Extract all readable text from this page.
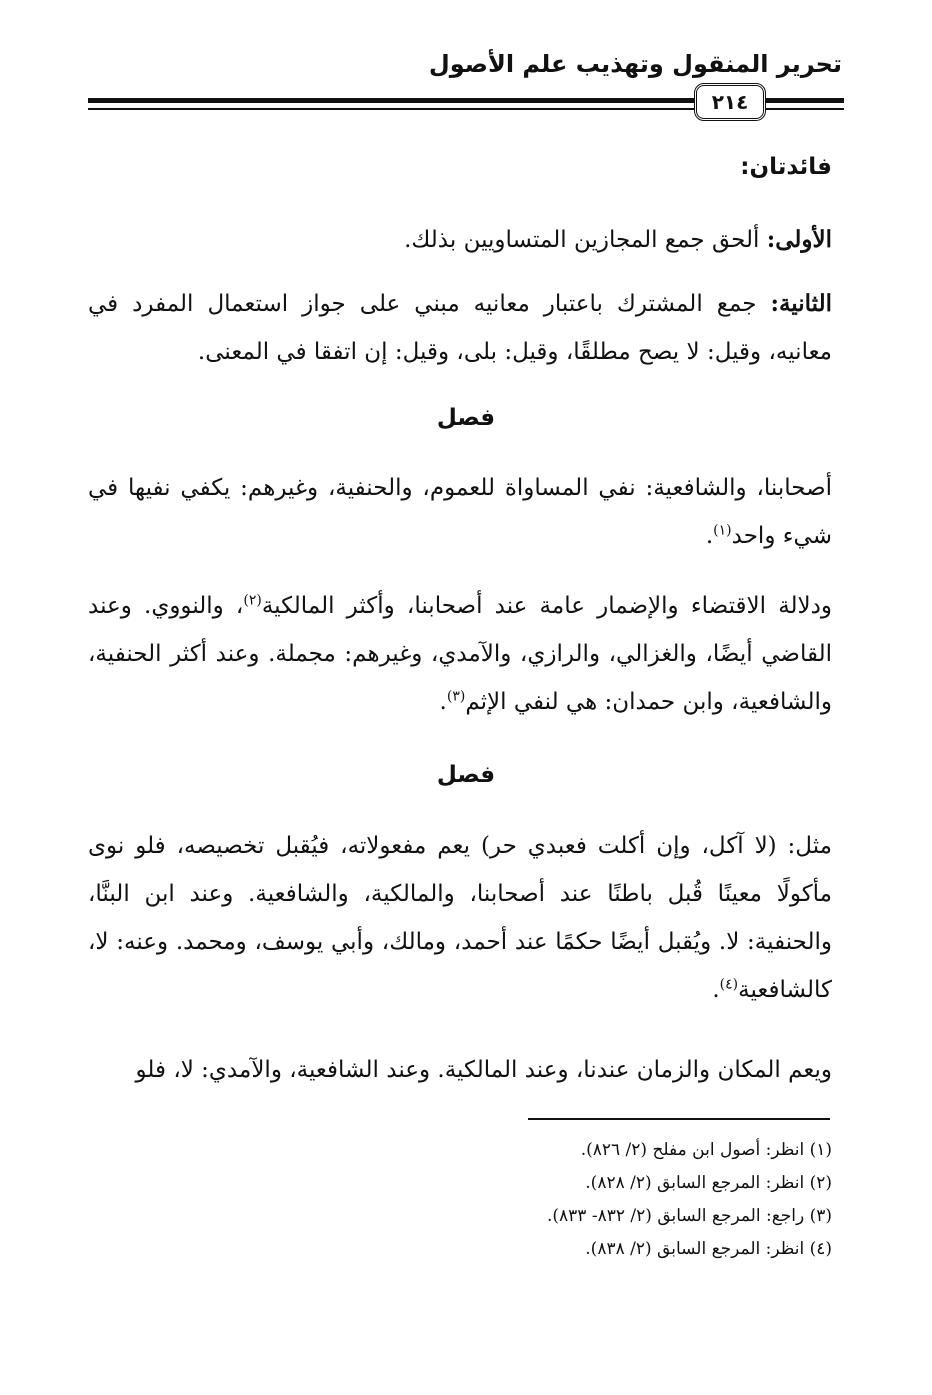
تحرير المنقول وتهذيب علم الأصول
٢١٤
فائدتان:
الأولى: ألحق جمع المجازين المتساويين بذلك.
الثانية: جمع المشترك باعتبار معانيه مبني على جواز استعمال المفرد في معانيه، وقيل: لا يصح مطلقًا، وقيل: بلى، وقيل: إن اتفقا في المعنى.
فصل
أصحابنا، والشافعية: نفي المساواة للعموم، والحنفية، وغيرهم: يكفي نفيها في شيء واحد$^{(١)}$.
ودلالة الاقتضاء والإضمار عامة عند أصحابنا، وأكثر المالكية$^{(٢)}$، والنووي. وعند القاضي أيضًا، والغزالي، والرازي، والآمدي، وغيرهم: مجملة. وعند أكثر الحنفية، والشافعية، وابن حمدان: هي لنفي الإثم$^{(٣)}$.
فصل
مثل: (لا آكل، وإن أكلت فعبدي حر) يعم مفعولاته، فيُقبل تخصيصه، فلو نوى مأكولًا معينًا قُبل باطنًا عند أصحابنا، والمالكية، والشافعية. وعند ابن البنَّا، والحنفية: لا. ويُقبل أيضًا حكمًا عند أحمد، ومالك، وأبي يوسف، ومحمد. وعنه: لا، كالشافعية$^{(٤)}$.
ويعم المكان والزمان عندنا، وعند المالكية. وعند الشافعية، والآمدي: لا، فلو
(١) انظر: أصول ابن مفلح (٢/ ٨٢٦).
(٢) انظر: المرجع السابق (٢/ ٨٢٨).
(٣) راجع: المرجع السابق (٢/ ٨٣٢- ٨٣٣).
(٤) انظر: المرجع السابق (٢/ ٨٣٨).
